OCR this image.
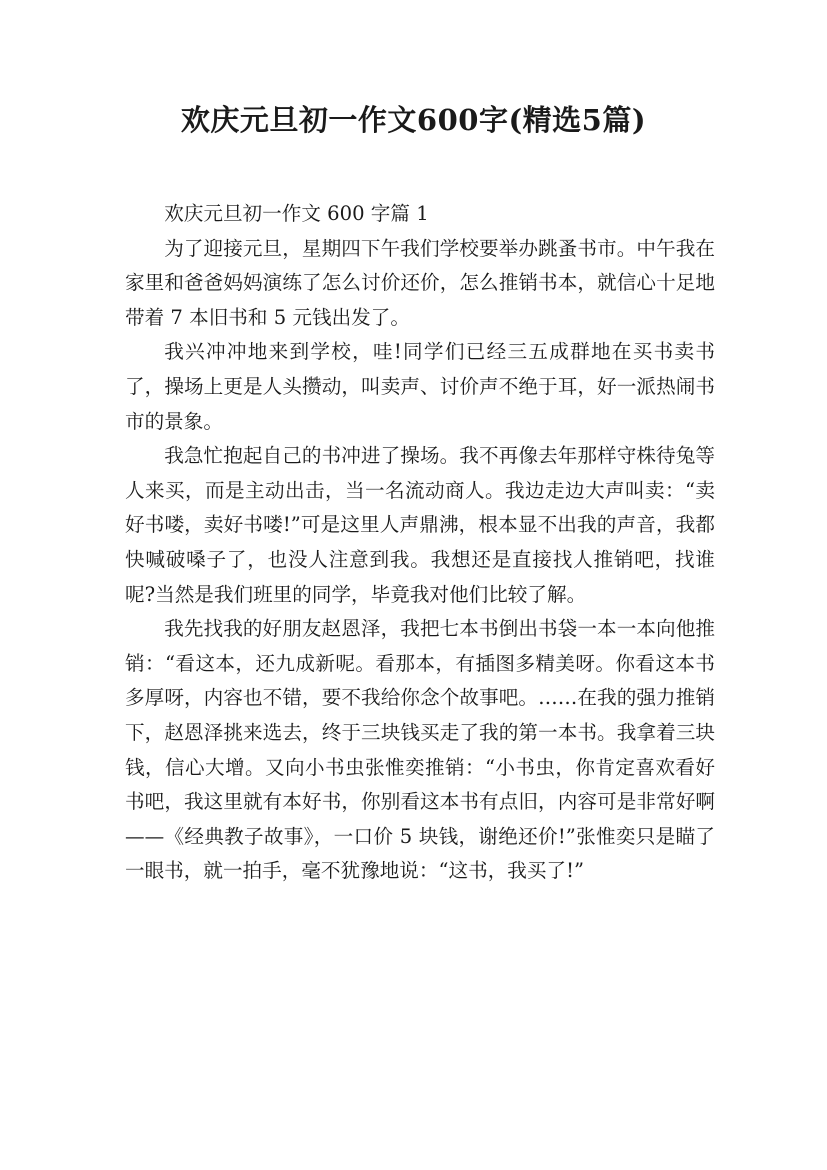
欢庆元旦初一作文600字(精选5篇)

欢庆元旦初一作文 600 字篇 1

为了迎接元旦，星期四下午我们学校要举办跳蚤书市。中午我在家里和爸爸妈妈演练了怎么讨价还价，怎么推销书本，就信心十足地带着 7 本旧书和 5 元钱出发了。

我兴冲冲地来到学校，哇!同学们已经三五成群地在买书卖书了，操场上更是人头攒动，叫卖声、讨价声不绝于耳，好一派热闹书市的景象。

我急忙抱起自己的书冲进了操场。我不再像去年那样守株待兔等人来买，而是主动出击，当一名流动商人。我边走边大声叫卖：“卖好书喽，卖好书喽!”可是这里人声鼎沸，根本显不出我的声音，我都快喊破嗓子了，也没人注意到我。我想还是直接找人推销吧，找谁呢?当然是我们班里的同学，毕竟我对他们比较了解。

我先找我的好朋友赵恩泽，我把七本书倒出书袋一本一本向他推销：“看这本，还九成新呢。看那本，有插图多精美呀。你看这本书多厚呀，内容也不错，要不我给你念个故事吧。……在我的强力推销下，赵恩泽挑来选去，终于三块钱买走了我的第一本书。我拿着三块钱，信心大增。又向小书虫张惟奕推销：“小书虫，你肯定喜欢看好书吧，我这里就有本好书，你别看这本书有点旧，内容可是非常好啊——《经典教子故事》，一口价 5 块钱，谢绝还价!”张惟奕只是瞄了一眼书，就一拍手，毫不犹豫地说：“这书，我买了!”
